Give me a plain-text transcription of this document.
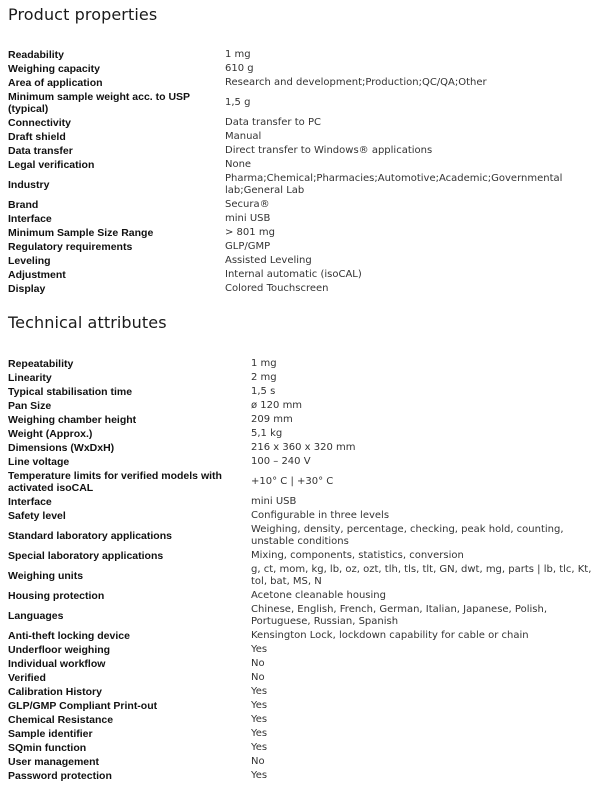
Product properties
Readability	1 mg
Weighing capacity	610 g
Area of application	Research and development;Production;QC/QA;Other
Minimum sample weight acc. to USP (typical)	1,5 g
Connectivity	Data transfer to PC
Draft shield	Manual
Data transfer	Direct transfer to Windows® applications
Legal verification	None
Industry	Pharma;Chemical;Pharmacies;Automotive;Academic;Governmental lab;General Lab
Brand	Secura®
Interface	mini USB
Minimum Sample Size Range	> 801 mg
Regulatory requirements	GLP/GMP
Leveling	Assisted Leveling
Adjustment	Internal automatic (isoCAL)
Display	Colored Touchscreen
Technical attributes
Repeatability	1 mg
Linearity	2 mg
Typical stabilisation time	1,5 s
Pan Size	ø 120 mm
Weighing chamber height	209 mm
Weight (Approx.)	5,1 kg
Dimensions (WxDxH)	216 x 360 x 320 mm
Line voltage	100 – 240 V
Temperature limits for verified models with activated isoCAL	+10° C | +30° C
Interface	mini USB
Safety level	Configurable in three levels
Standard laboratory applications	Weighing, density, percentage, checking, peak hold, counting, unstable conditions
Special laboratory applications	Mixing, components, statistics, conversion
Weighing units	g, ct, mom, kg, lb, oz, ozt, tlh, tls, tlt, GN, dwt, mg, parts | lb, tlc, Kt, tol, bat, MS, N
Housing protection	Acetone cleanable housing
Languages	Chinese, English, French, German, Italian, Japanese, Polish, Portuguese, Russian, Spanish
Anti-theft locking device	Kensington Lock, lockdown capability for cable or chain
Underfloor weighing	Yes
Individual workflow	No
Verified	No
Calibration History	Yes
GLP/GMP Compliant Print-out	Yes
Chemical Resistance	Yes
Sample identifier	Yes
SQmin function	Yes
User management	No
Password protection	Yes
